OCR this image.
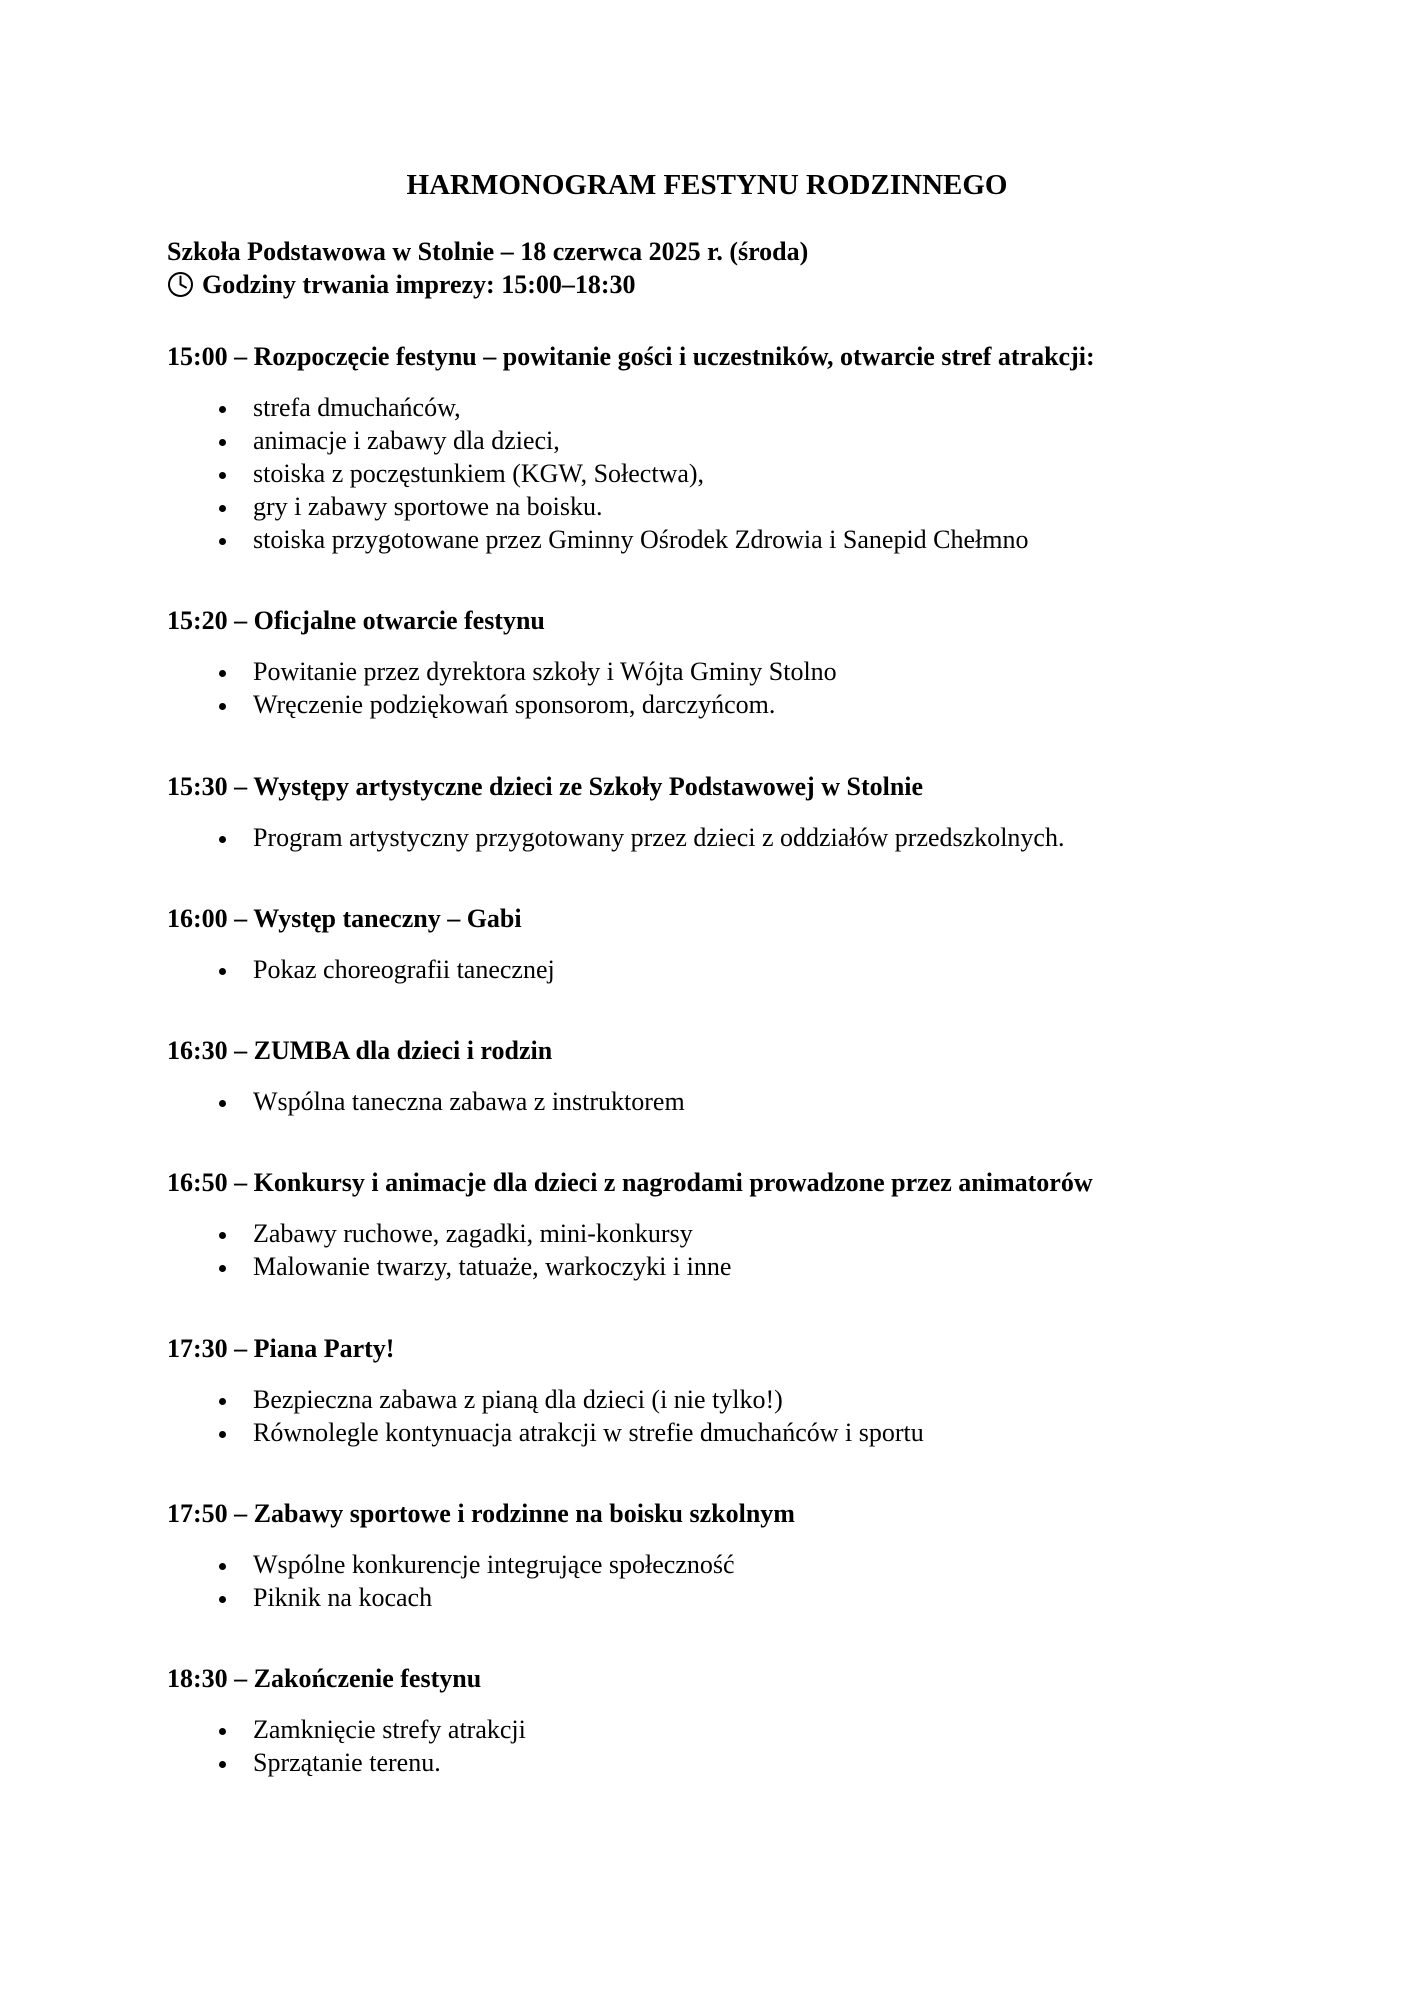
HARMONOGRAM FESTYNU RODZINNEGO
Szkoła Podstawowa w Stolnie – 18 czerwca 2025 r. (środa)
Godziny trwania imprezy: 15:00–18:30
15:00 – Rozpoczęcie festynu – powitanie gości i uczestników, otwarcie stref atrakcji:
strefa dmuchańców,
animacje i zabawy dla dzieci,
stoiska z poczęstunkiem (KGW, Sołectwa),
gry i zabawy sportowe na boisku.
stoiska przygotowane przez Gminny Ośrodek Zdrowia i Sanepid Chełmno
15:20 – Oficjalne otwarcie festynu
Powitanie przez dyrektora szkoły i Wójta Gminy Stolno
Wręczenie podziękowań sponsorom, darczyńcom.
15:30 – Występy artystyczne dzieci ze Szkoły Podstawowej w Stolnie
Program artystyczny przygotowany przez dzieci z oddziałów przedszkolnych.
16:00 – Występ taneczny – Gabi
Pokaz choreografii tanecznej
16:30 – ZUMBA dla dzieci i rodzin
Wspólna taneczna zabawa z instruktorem
16:50 – Konkursy i animacje dla dzieci z nagrodami prowadzone przez animatorów
Zabawy ruchowe, zagadki, mini-konkursy
Malowanie twarzy, tatuaże, warkoczyki i inne
17:30 – Piana Party!
Bezpieczna zabawa z pianą dla dzieci (i nie tylko!)
Równolegle kontynuacja atrakcji w strefie dmuchańców i sportu
17:50 – Zabawy sportowe i rodzinne na boisku szkolnym
Wspólne konkurencje integrujące społeczność
Piknik na kocach
18:30 – Zakończenie festynu
Zamknięcie strefy atrakcji
Sprzątanie terenu.
